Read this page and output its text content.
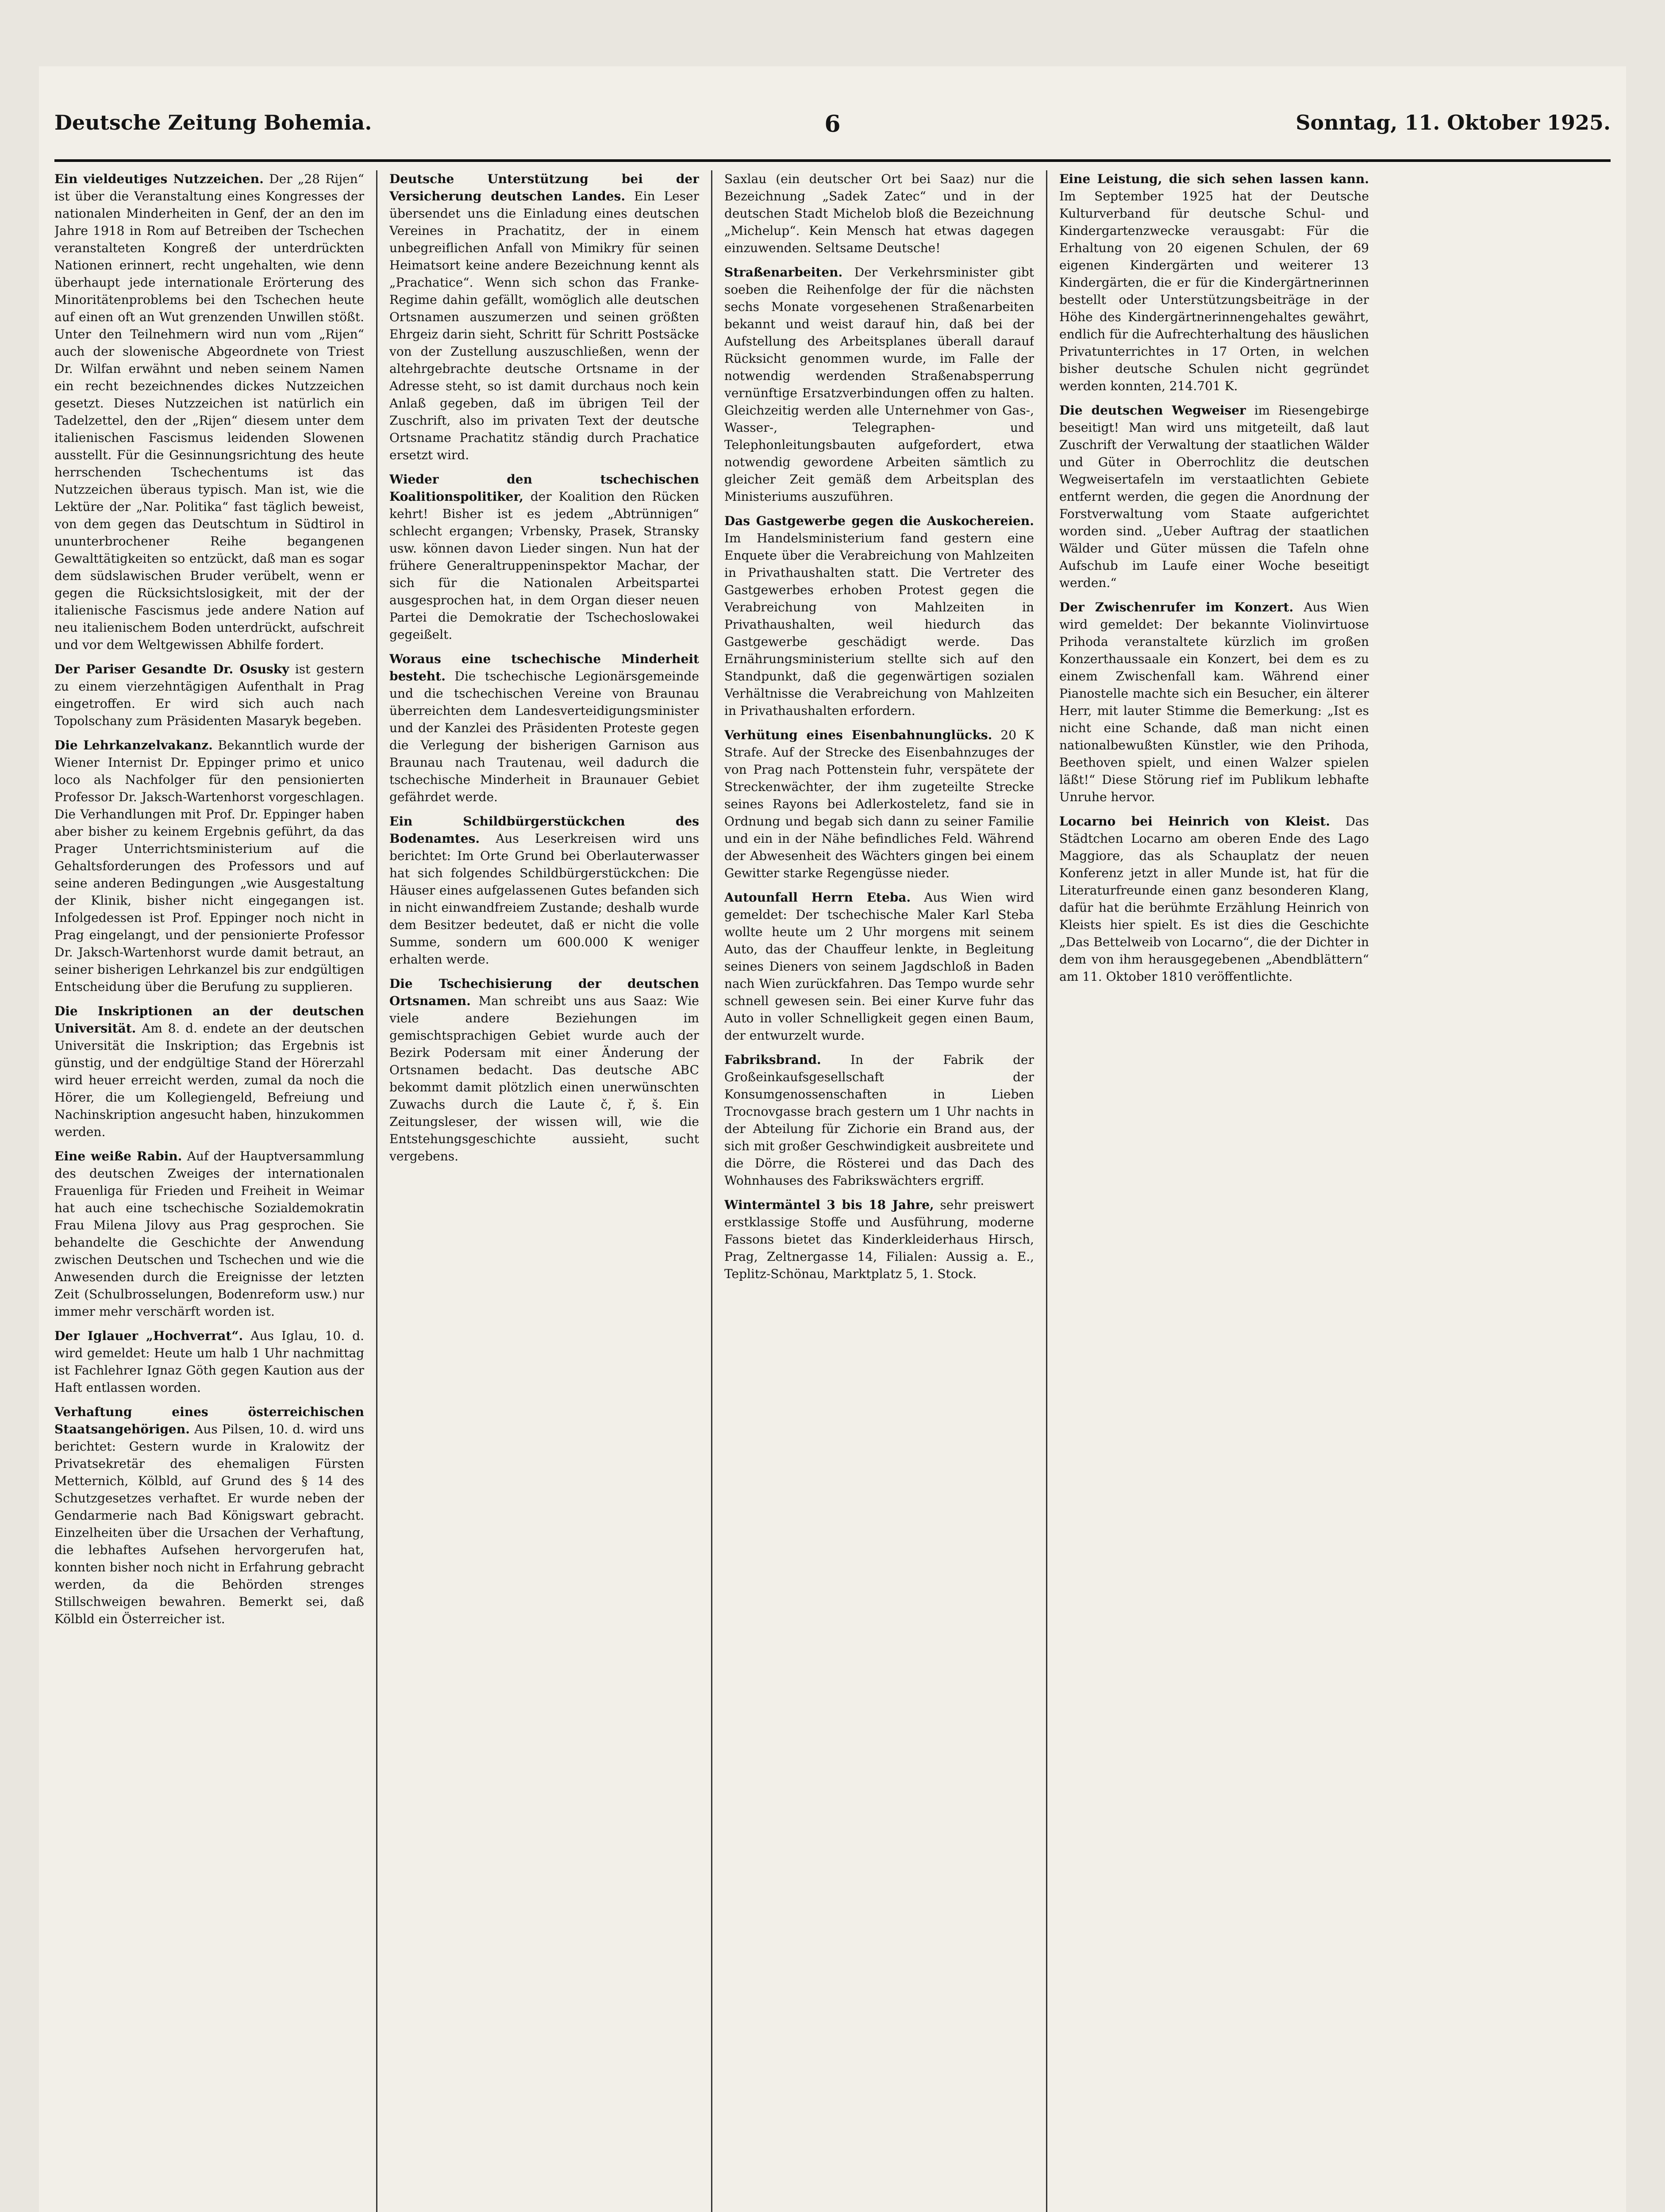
Deutsche Zeitung Bohemia.	6	Sonntag, 11. Oktober 1925.
Ein vieldeutiges Nutzzeichen. Der „28 Rijen“ ist über die Veranstaltung eines Kongresses der nationalen Minderheiten in Genf, der an den im Jahre 1918 in Rom auf Betreiben der Tschechen veranstalteten Kongreß der unterdrückten Nationen erinnert, recht ungehalten, wie denn überhaupt jede internationale Erörterung des Minoritätenproblems bei den Tschechen heute auf einen oft an Wut grenzenden Unwillen stößt. Unter den Teilnehmern wird nun vom „Rijen“ auch der slowenische Abgeordnete von Triest Dr. Wilfan erwähnt und neben seinem Namen ein recht bezeichnendes dickes Nutzzeichen gesetzt. Dieses Nutzzeichen ist natürlich ein Tadelzettel, den der „Rijen“ diesem unter dem italienischen Fascismus leidenden Slowenen ausstellt. Für die Gesinnungsrichtung des heute herrschenden Tschechentums ist das Nutzzeichen überaus typisch. Man ist, wie die Lektüre der „Nar. Politika“ fast täglich beweist, von dem gegen das Deutschtum in Südtirol in ununterbrochener Reihe begangenen Gewalttätigkeiten so entzückt, daß man es sogar dem südslawischen Bruder verübelt, wenn er gegen die Rücksichtslosigkeit, mit der der italienische Fascismus jede andere Nation auf neu italienischem Boden unterdrückt, aufschreit und vor dem Weltgewissen Abhilfe fordert.
Der Pariser Gesandte Dr. Osusky ist gestern zu einem vierzehntägigen Aufenthalt in Prag eingetroffen. Er wird sich auch nach Topolschany zum Präsidenten Masaryk begeben.
Die Lehrkanzelvakanz. Bekanntlich wurde der Wiener Internist Dr. Eppinger primo et unico loco als Nachfolger für den pensionierten Professor Dr. Jaksch-Wartenhorst vorgeschlagen. Die Verhandlungen mit Prof. Dr. Eppinger haben aber bisher zu keinem Ergebnis geführt, da das Prager Unterrichtsministerium auf die Gehaltsforderungen des Professors und auf seine anderen Bedingungen „wie Ausgestaltung der Klinik, bisher nicht eingegangen ist. Infolgedessen ist Prof. Eppinger noch nicht in Prag eingelangt, und der pensionierte Professor Dr. Jaksch-Wartenhorst wurde damit betraut, an seiner bisherigen Lehrkanzel bis zur endgültigen Entscheidung über die Berufung zu supplieren.
Die Inskriptionen an der deutschen Universität. Am 8. d. endete an der deutschen Universität die Inskription; das Ergebnis ist günstig, und der endgültige Stand der Hörerzahl wird heuer erreicht werden, zumal da noch die Hörer, die um Kollegiengeld, Befreiung und Nachinskription angesucht haben, hinzukommen werden.
Eine weiße Rabin. Auf der Hauptversammlung des deutschen Zweiges der internationalen Frauenliga für Frieden und Freiheit in Weimar hat auch eine tschechische Sozialdemokratin Frau Milena Jilovy aus Prag gesprochen. Sie behandelte die Geschichte der Anwendung zwischen Deutschen und Tschechen und wie die Anwesenden durch die Ereignisse der letzten Zeit (Schulbrosselungen, Bodenreform usw.) nur immer mehr verschärft worden ist.
Der Iglauer „Hochverrat“. Aus Iglau, 10. d. wird gemeldet: Heute um halb 1 Uhr nachmittag ist Fachlehrer Ignaz Göth gegen Kaution aus der Haft entlassen worden.
Verhaftung eines österreichischen Staatsangehörigen. Aus Pilsen, 10. d. wird uns berichtet: Gestern wurde in Kralowitz der Privatsekretär des ehemaligen Fürsten Metternich, Kölbld, auf Grund des § 14 des Schutzgesetzes verhaftet. Er wurde neben der Gendarmerie nach Bad Königswart gebracht. Einzelheiten über die Ursachen der Verhaftung, die lebhaftes Aufsehen hervorgerufen hat, konnten bisher noch nicht in Erfahrung gebracht werden, da die Behörden strenges Stillschweigen bewahren. Bemerkt sei, daß Kölbld ein Österreicher ist.
Deutsche Unterstützung bei der Versicherung deutschen Landes. Ein Leser übersendet uns die Einladung eines deutschen Vereines in Prachatitz, der in einem unbegreiflichen Anfall von Mimikry für seinen Heimatsort keine andere Bezeichnung kennt als „Prachatice“. Wenn sich schon das Franke-Regime dahin gefällt, womöglich alle deutschen Ortsnamen auszumerzen und seinen größten Ehrgeiz darin sieht, Schritt für Schritt Postsäcke von der Zustellung auszuschließen, wenn der altehrgebrachte deutsche Ortsname in der Adresse steht, so ist damit durchaus noch kein Anlaß gegeben, daß im übrigen Teil der Zuschrift, also im privaten Text der deutsche Ortsname Prachatitz ständig durch Prachatice ersetzt wird.
Wieder den tschechischen Koalitionspolitiker, der Koalition den Rücken kehrt! Bisher ist es jedem „Abtrünnigen“ schlecht ergangen; Vrbensky, Prasek, Stransky usw. können davon Lieder singen. Nun hat der frühere Generaltruppeninspektor Machar, der sich für die Nationalen Arbeitspartei ausgesprochen hat, in dem Organ dieser neuen Partei die Demokratie der Tschechoslowakei gegeißelt.
Woraus eine tschechische Minderheit besteht. Die tschechische Legionärsgemeinde und die tschechischen Vereine von Braunau überreichten dem Landesverteidigungsminister und der Kanzlei des Präsidenten Proteste gegen die Verlegung der bisherigen Garnison aus Braunau nach Trautenau, weil dadurch die tschechische Minderheit in Braunauer Gebiet gefährdet werde.
Ein Schildbürgerstückchen des Bodenamtes. Aus Leserkreisen wird uns berichtet: Im Orte Grund bei Oberlauterwasser hat sich folgendes Schildbürgerstückchen: Die Häuser eines aufgelassenen Gutes befanden sich in nicht einwandfreiem Zustande; deshalb wurde dem Besitzer bedeutet, daß er nicht die volle Summe, sondern um 600.000 K weniger erhalten werde.
Die Tschechisierung der deutschen Ortsnamen. Man schreibt uns aus Saaz: Wie viele andere Beziehungen im gemischtsprachigen Gebiet wurde auch der Bezirk Podersam mit einer Änderung der Ortsnamen bedacht. Das deutsche ABC bekommt damit plötzlich einen unerwünschten Zuwachs durch die Laute č, ř, š. Ein Zeitungsleser, der wissen will, wie die Entstehungsgeschichte aussieht, sucht vergebens.
Saxlau (ein deutscher Ort bei Saaz) nur die Bezeichnung „Sadek Zatec“ und in der deutschen Stadt Michelob bloß die Bezeichnung „Michelup“. Kein Mensch hat etwas dagegen einzuwenden. Seltsame Deutsche!
Straßenarbeiten. Der Verkehrsminister gibt soeben die Reihenfolge der für die nächsten sechs Monate vorgesehenen Straßenarbeiten bekannt und weist darauf hin, daß bei der Aufstellung des Arbeitsplanes überall darauf Rücksicht genommen wurde, im Falle der notwendig werdenden Straßenabsperrung vernünftige Ersatzverbindungen offen zu halten. Gleichzeitig werden alle Unternehmer von Gas-, Wasser-, Telegraphen- und Telephonleitungsbauten aufgefordert, etwa notwendig gewordene Arbeiten sämtlich zu gleicher Zeit gemäß dem Arbeitsplan des Ministeriums auszuführen.
Das Gastgewerbe gegen die Auskochereien. Im Handelsministerium fand gestern eine Enquete über die Verabreichung von Mahlzeiten in Privathaushalten statt. Die Vertreter des Gastgewerbes erhoben Protest gegen die Verabreichung von Mahlzeiten in Privathaushalten, weil hiedurch das Gastgewerbe geschädigt werde. Das Ernährungsministerium stellte sich auf den Standpunkt, daß die gegenwärtigen sozialen Verhältnisse die Verabreichung von Mahlzeiten in Privathaushalten erfordern.
Verhütung eines Eisenbahnunglücks. 20 K Strafe. Auf der Strecke des Eisenbahnzuges der von Prag nach Pottenstein fuhr, verspätete der Streckenwächter, der ihm zugeteilte Strecke seines Rayons bei Adlerkosteletz, fand sie in Ordnung und begab sich dann zu seiner Familie und ein in der Nähe befindliches Feld. Während der Abwesenheit des Wächters gingen bei einem Gewitter starke Regengüsse nieder.
Autounfall Herrn Eteba. Aus Wien wird gemeldet: Der tschechische Maler Karl Steba wollte heute um 2 Uhr morgens mit seinem Auto, das der Chauffeur lenkte, in Begleitung seines Dieners von seinem Jagdschloß in Baden nach Wien zurückfahren. Das Tempo wurde sehr schnell gewesen sein. Bei einer Kurve fuhr das Auto in voller Schnelligkeit gegen einen Baum, der entwurzelt wurde.
Fabriksbrand. In der Fabrik der Großeinkaufsgesellschaft der Konsumgenossenschaften in Lieben Trocnovgasse brach gestern um 1 Uhr nachts in der Abteilung für Zichorie ein Brand aus, der sich mit großer Geschwindigkeit ausbreitete und die Dörre, die Rösterei und das Dach des Wohnhauses des Fabrikswächters ergriff.
Wintermäntel 3 bis 18 Jahre, sehr preiswert erstklassige Stoffe und Ausführung, moderne Fassons bietet das Kinderkleiderhaus Hirsch, Prag, Zeltnergasse 14, Filialen: Aussig a. E., Teplitz-Schönau, Marktplatz 5, 1. Stock.
Eine Leistung, die sich sehen lassen kann. Im September 1925 hat der Deutsche Kulturverband für deutsche Schul- und Kindergartenzwecke verausgabt: Für die Erhaltung von 20 eigenen Schulen, der 69 eigenen Kindergärten und weiterer 13 Kindergärten, die er für die Kindergärtnerinnen bestellt oder Unterstützungsbeiträge in der Höhe des Kindergärtnerinnengehaltes gewährt, endlich für die Aufrechterhaltung des häuslichen Privatunterrichtes in 17 Orten, in welchen bisher deutsche Schulen nicht gegründet werden konnten, 214.701 K.
Die deutschen Wegweiser im Riesengebirge beseitigt! Man wird uns mitgeteilt, daß laut Zuschrift der Verwaltung der staatlichen Wälder und Güter in Oberrochlitz die deutschen Wegweisertafeln im verstaatlichten Gebiete entfernt werden, die gegen die Anordnung der Forstverwaltung vom Staate aufgerichtet worden sind. „Ueber Auftrag der staatlichen Wälder und Güter müssen die Tafeln ohne Aufschub im Laufe einer Woche beseitigt werden.“
Der Zwischenrufer im Konzert. Aus Wien wird gemeldet: Der bekannte Violinvirtuose Prihoda veranstaltete kürzlich im großen Konzerthaussaale ein Konzert, bei dem es zu einem Zwischenfall kam. Während einer Pianostelle machte sich ein Besucher, ein älterer Herr, mit lauter Stimme die Bemerkung: „Ist es nicht eine Schande, daß man nicht einen nationalbewußten Künstler, wie den Prihoda, Beethoven spielt, und einen Walzer spielen läßt!“ Diese Störung rief im Publikum lebhafte Unruhe hervor.
Locarno bei Heinrich von Kleist. Das Städtchen Locarno am oberen Ende des Lago Maggiore, das als Schauplatz der neuen Konferenz jetzt in aller Munde ist, hat für die Literaturfreunde einen ganz besonderen Klang, dafür hat die berühmte Erzählung Heinrich von Kleists hier spielt. Es ist dies die Geschichte „Das Bettelweib von Locarno“, die der Dichter in dem von ihm herausgegebenen „Abendblättern“ am 11. Oktober 1810 veröffentlichte.
